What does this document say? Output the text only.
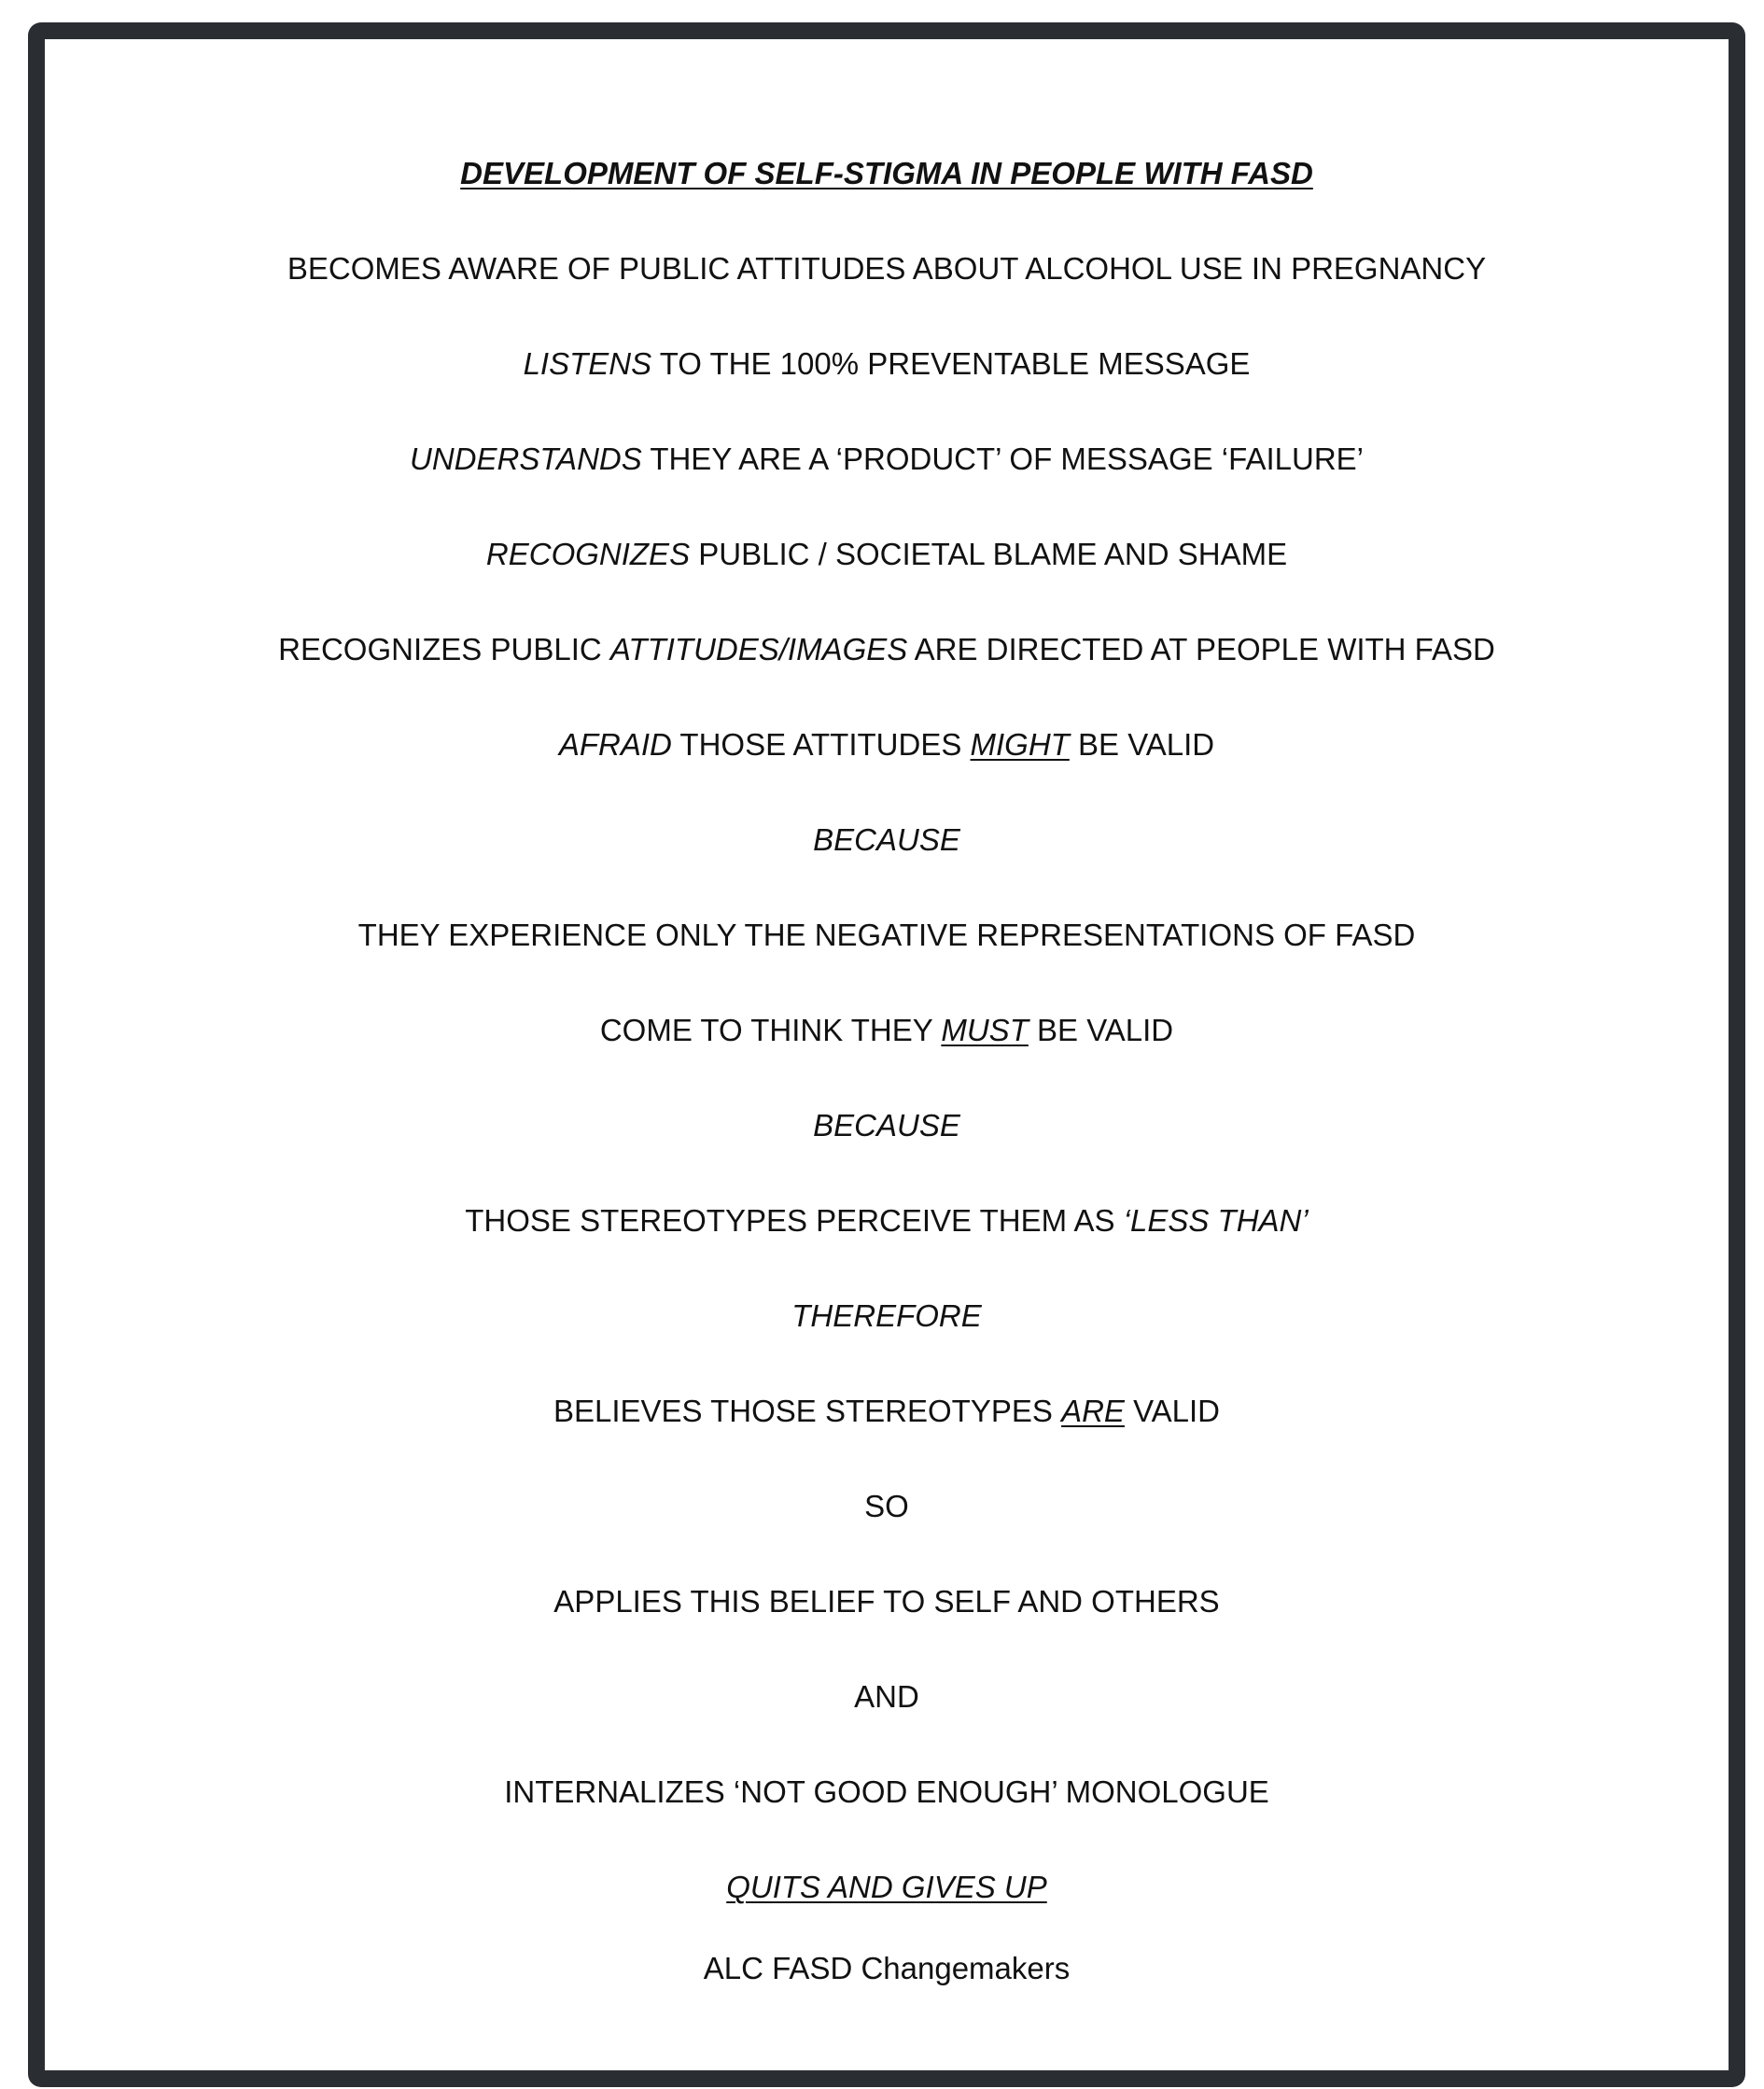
DEVELOPMENT OF SELF-STIGMA IN PEOPLE WITH FASD
BECOMES AWARE OF PUBLIC ATTITUDES ABOUT ALCOHOL USE IN PREGNANCY
LISTENS TO THE 100% PREVENTABLE MESSAGE
UNDERSTANDS THEY ARE A ‘PRODUCT’ OF MESSAGE ‘FAILURE’
RECOGNIZES PUBLIC / SOCIETAL BLAME AND SHAME
RECOGNIZES PUBLIC ATTITUDES/IMAGES ARE DIRECTED AT PEOPLE WITH FASD
AFRAID THOSE ATTITUDES MIGHT BE VALID
BECAUSE
THEY EXPERIENCE ONLY THE NEGATIVE REPRESENTATIONS OF FASD
COME TO THINK THEY MUST BE VALID
BECAUSE
THOSE STEREOTYPES PERCEIVE THEM AS ‘LESS THAN’
THEREFORE
BELIEVES THOSE STEREOTYPES ARE VALID
SO
APPLIES THIS BELIEF TO SELF AND OTHERS
AND
INTERNALIZES ‘NOT GOOD ENOUGH’ MONOLOGUE
QUITS AND GIVES UP
ALC FASD Changemakers
